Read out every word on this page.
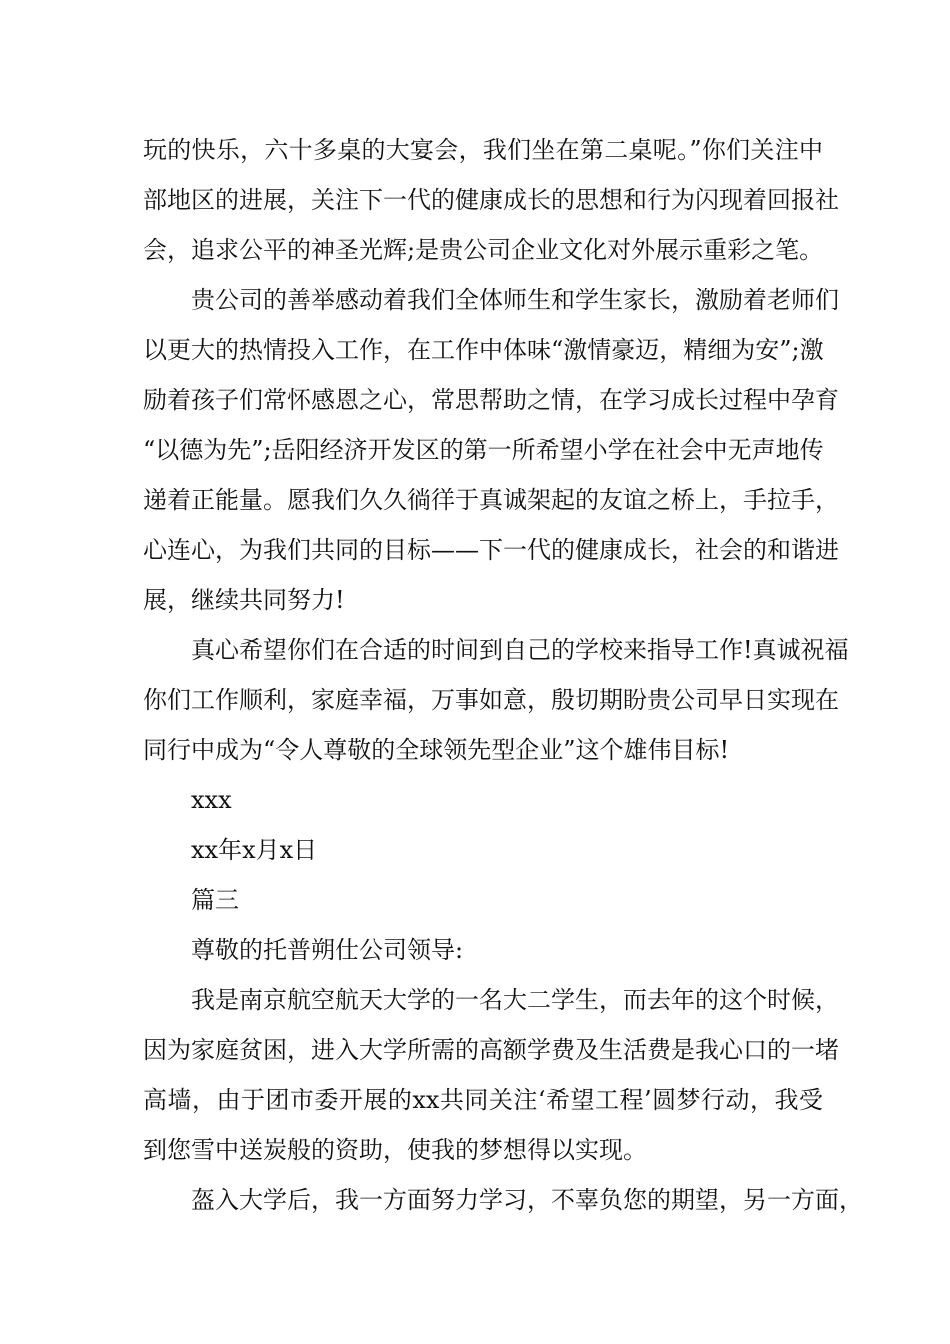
玩的快乐，六十多桌的大宴会，我们坐在第二桌呢。”你们关注中
部地区的进展，关注下一代的健康成长的思想和行为闪现着回报社
会，追求公平的神圣光辉;是贵公司企业文化对外展示重彩之笔。
贵公司的善举感动着我们全体师生和学生家长，激励着老师们
以更大的热情投入工作，在工作中体味“激情豪迈，精细为安”;激
励着孩子们常怀感恩之心，常思帮助之情，在学习成长过程中孕育
“以德为先”;岳阳经济开发区的第一所希望小学在社会中无声地传
递着正能量。愿我们久久徜徉于真诚架起的友谊之桥上，手拉手，
心连心，为我们共同的目标——下一代的健康成长，社会的和谐进
展，继续共同努力!
真心希望你们在合适的时间到自己的学校来指导工作!真诚祝福
你们工作顺利，家庭幸福，万事如意，殷切期盼贵公司早日实现在
同行中成为“令人尊敬的全球领先型企业”这个雄伟目标!
xxx
xx年x月x日
篇三
尊敬的托普朔仕公司领导:
我是南京航空航天大学的一名大二学生，而去年的这个时候，
因为家庭贫困，进入大学所需的高额学费及生活费是我心口的一堵
高墙，由于团市委开展的xx共同关注‘希望工程’圆梦行动，我受
到您雪中送炭般的资助，使我的梦想得以实现。
盔入大学后，我一方面努力学习，不辜负您的期望，另一方面，
